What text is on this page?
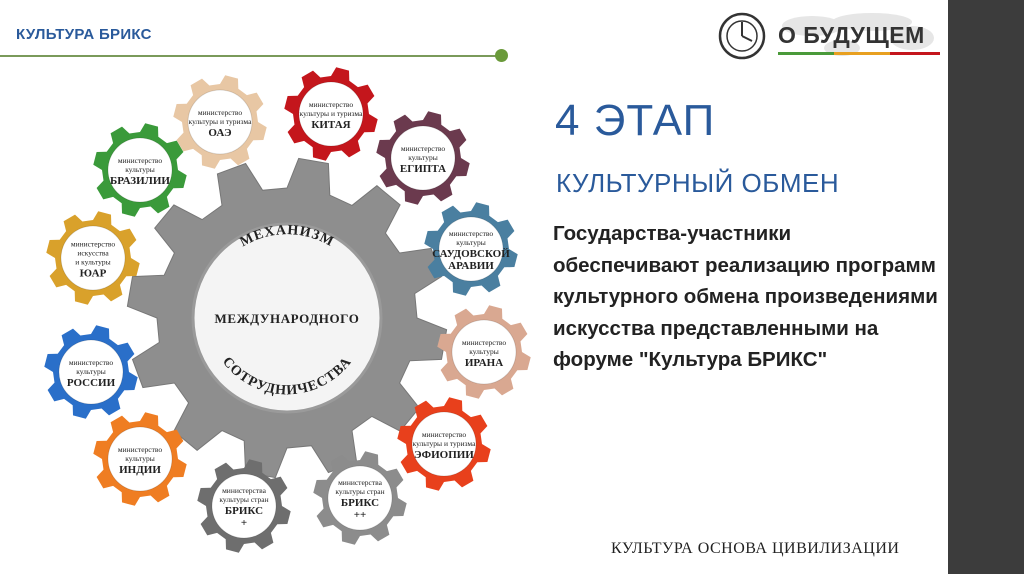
КУЛЬТУРА БРИКС	О БУДУЩЕМ
МЕХАНИЗМ
МЕЖДУНАРОДНОГО
СОТРУДНИЧЕСТВА
министерство
культуры и туризма
ОАЭ
министерство
культуры и туризма
КИТАЯ
министерство
культуры
ЕГИПТА
министерство
культуры
САУДОВСКОЙ
АРАВИИ
министерство
культуры
ИРАНА
министерство
культуры и туризма
ЭФИОПИИ
министерства
культуры стран
БРИКС
++
министерства
культуры стран
БРИКС
+
министерство
культуры
ИНДИИ
министерство
культуры
РОССИИ
министерство
искусства
и культуры
ЮАР
министерство
культуры
БРАЗИЛИИ
4 ЭТАП
КУЛЬТУРНЫЙ ОБМЕН
Государства-участники обеспечивают реализацию программ культурного обмена произведениями искусства представленными на форуме "Культура БРИКС"
КУЛЬТУРА ОСНОВА ЦИВИЛИЗАЦИИ
